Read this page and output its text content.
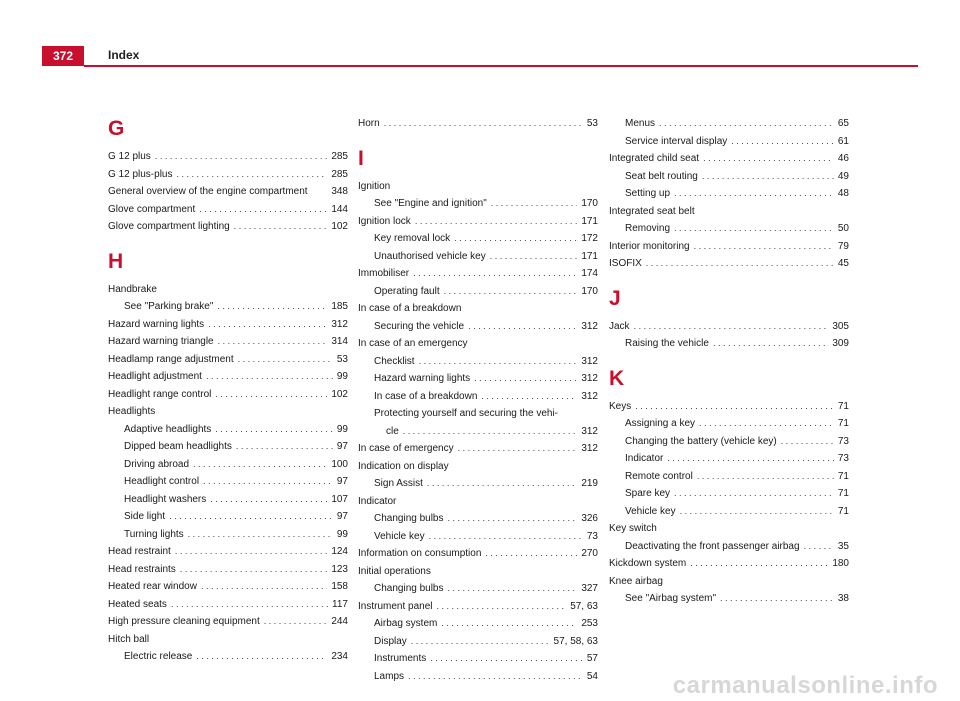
372	Index
G
G 12 plus . . .	285
G 12 plus-plus . . .	285
General overview of the engine compartment 348
Glove compartment . . .	144
Glove compartment lighting . . .	102
H
Handbrake
See "Parking brake" . . .	185
Hazard warning lights . . .	312
Hazard warning triangle . . .	314
Headlamp range adjustment . . .	53
Headlight adjustment . . .	99
Headlight range control . . .	102
Headlights
Adaptive headlights . . .	99
Dipped beam headlights . . .	97
Driving abroad . . .	100
Headlight control . . .	97
Headlight washers . . .	107
Side light . . .	97
Turning lights . . .	99
Head restraint . . .	124
Head restraints . . .	123
Heated rear window . . .	158
Heated seats . . .	117
High pressure cleaning equipment . . .	244
Hitch ball
Electric release . . .	234
Horn . . .	53
I
Ignition
See "Engine and ignition" . . .	170
Ignition lock . . .	171
Key removal lock . . .	172
Unauthorised vehicle key . . .	171
Immobiliser . . .	174
Operating fault . . .	170
In case of a breakdown
Securing the vehicle . . .	312
In case of an emergency
Checklist . . .	312
Hazard warning lights . . .	312
In case of a breakdown . . .	312
Protecting yourself and securing the vehi-
cle . . .	312
In case of emergency . . .	312
Indication on display
Sign Assist . . .	219
Indicator
Changing bulbs . . .	326
Vehicle key . . .	73
Information on consumption . . .	270
Initial operations
Changing bulbs . . .	327
Instrument panel . . .	57, 63
Airbag system . . .	253
Display . . .	57, 58, 63
Instruments . . .	57
Lamps . . .	54
Menus . . .	65
Service interval display . . .	61
Integrated child seat . . .	46
Seat belt routing . . .	49
Setting up . . .	48
Integrated seat belt
Removing . . .	50
Interior monitoring . . .	79
ISOFIX . . .	45
J
Jack . . .	305
Raising the vehicle . . .	309
K
Keys . . .	71
Assigning a key . . .	71
Changing the battery (vehicle key) . . .	73
Indicator . . .	73
Remote control . . .	71
Spare key . . .	71
Vehicle key . . .	71
Key switch
Deactivating the front passenger airbag . . .	35
Kickdown system . . .	180
Knee airbag
See "Airbag system" . . .	38
carmanualsonline.info
